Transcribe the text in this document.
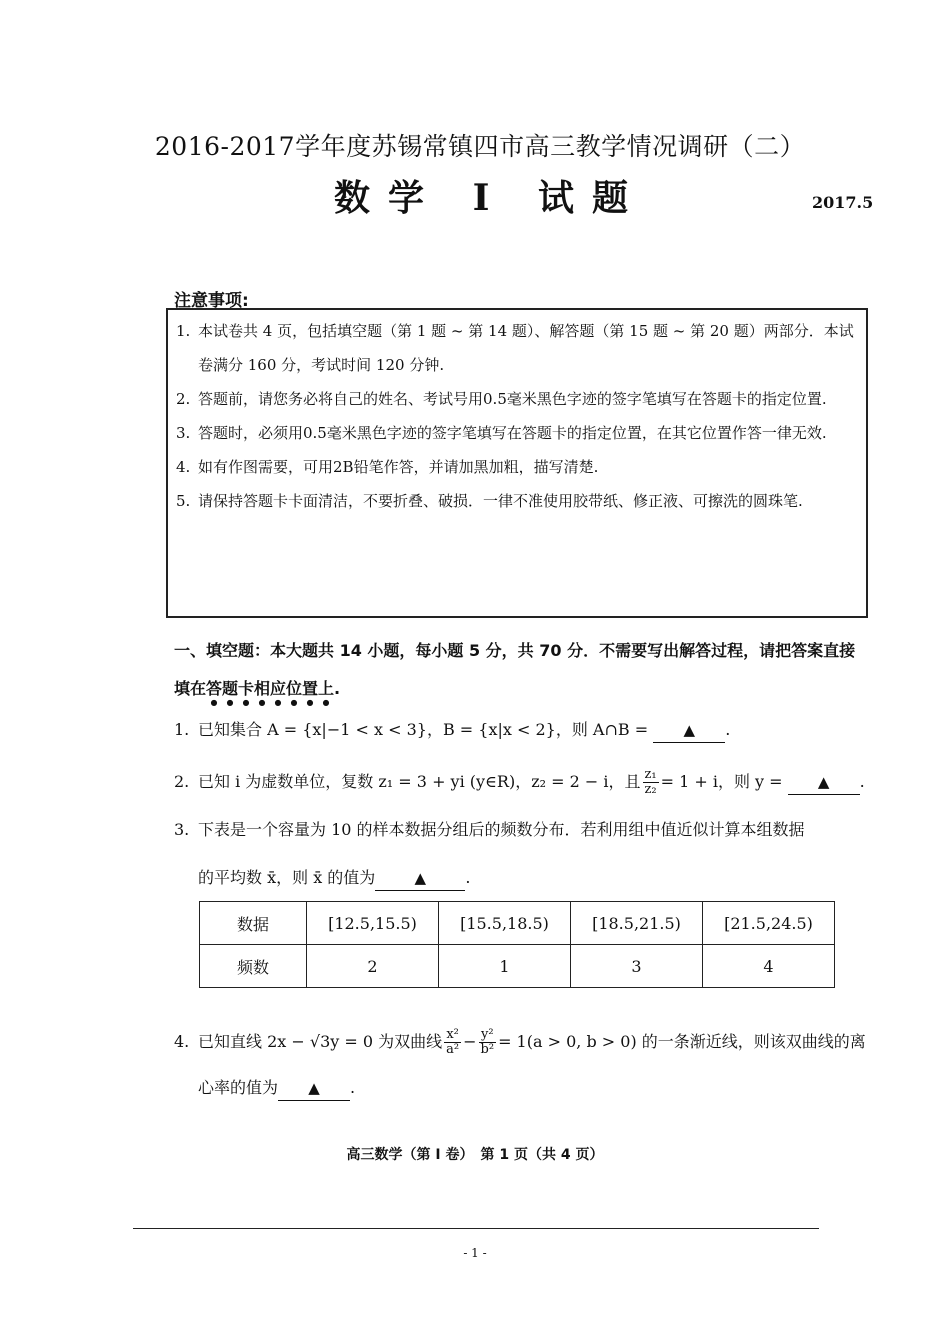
2016-2017学年度苏锡常镇四市高三教学情况调研（二）
数学 I 试题	2017.5
注意事项:
1. 本试卷共 4 页，包括填空题（第 1 题 ~ 第 14 题）、解答题（第 15 题 ~ 第 20 题）两部分．本试卷满分 160 分，考试时间 120 分钟.
2. 答题前，请您务必将自己的姓名、考试号用0.5毫米黑色字迹的签字笔填写在答题卡的指定位置.
3. 答题时，必须用0.5毫米黑色字迹的签字笔填写在答题卡的指定位置，在其它位置作答一律无效.
4. 如有作图需要，可用2B铅笔作答，并请加黑加粗，描写清楚.
5. 请保持答题卡卡面清洁，不要折叠、破损．一律不准使用胶带纸、修正液、可擦洗的圆珠笔.
一、填空题：本大题共 14 小题，每小题 5 分，共 70 分．不需要写出解答过程，请把答案直接填在答题卡相应位置上.
1. 已知集合 A = {x|−1 < x < 3}，B = {x|x < 2}，则 A∩B = ▲ .
2. 已知 i 为虚数单位，复数 z₁ = 3 + yi (y∈R)，z₂ = 2 − i，且 $\frac{\text{z₁}}{\text{z₂}} = 1 + i$，则 y = ▲ .
3. 下表是一个容量为 10 的样本数据分组后的频数分布．若利用组中值近似计算本组数据
的平均数 x̄，则 x̄ 的值为	▲ .
数据	[12.5,15.5)	[15.5,18.5)	[18.5,21.5)	[21.5,24.5)
频数	2	1	3	4
4. 已知直线 2x − √3y = 0 为双曲线 $\frac{\text{x²}}{\text{a²}} - \frac{\text{y²}}{\text{b²}} = 1(a > 0$, b > 0) 的一条渐近线，则该双曲线的离
心率的值为 ▲ .
高三数学（第 I 卷）　第 1 页（共 4 页）
- 1 -
